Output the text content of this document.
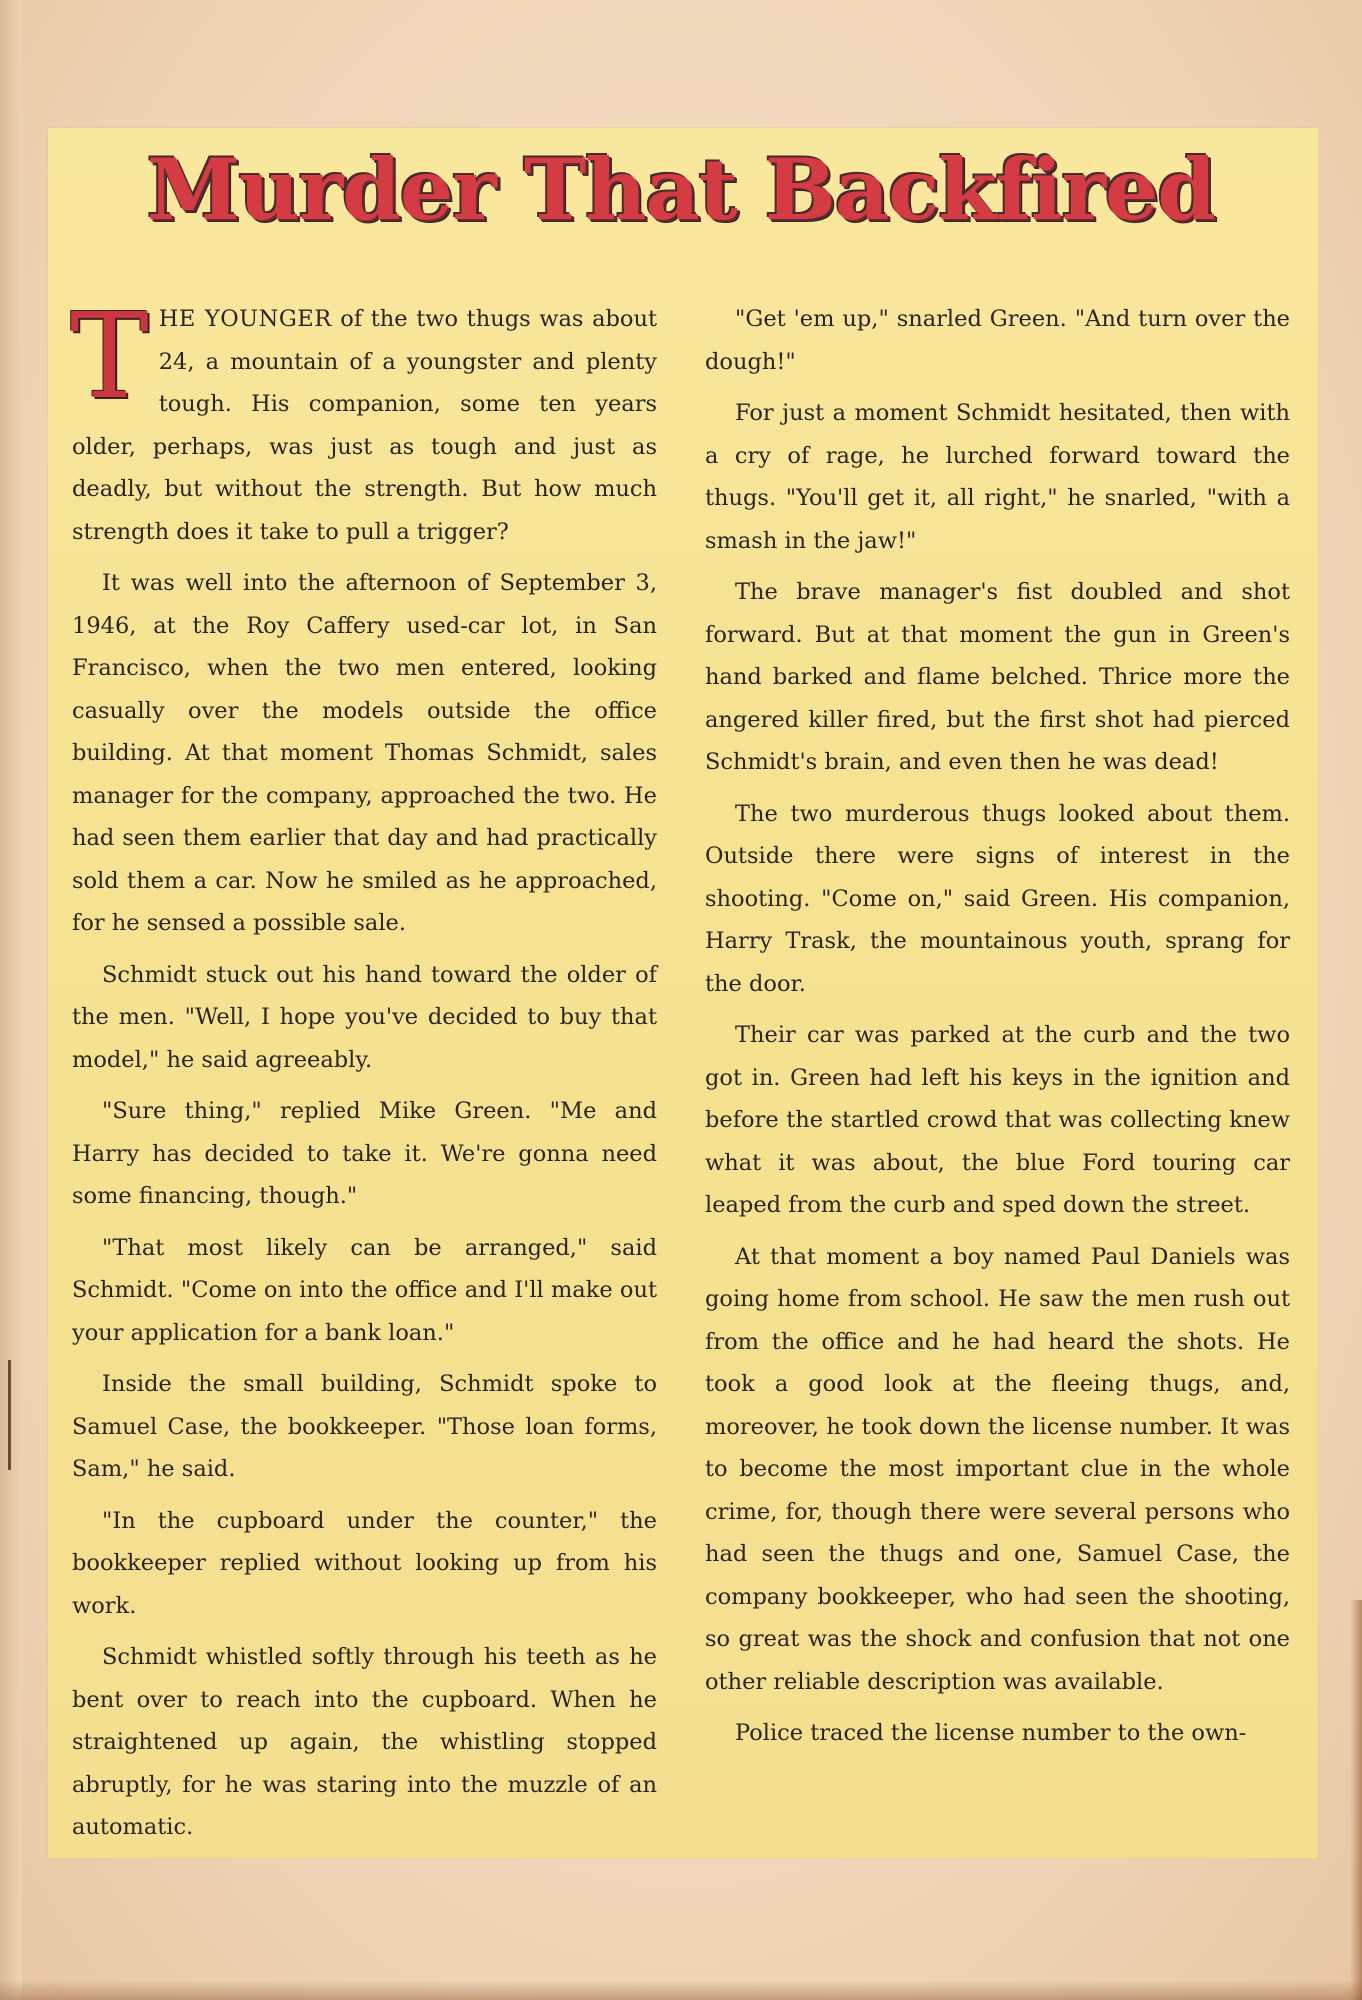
Murder That Backfired

THE YOUNGER of the two thugs was about 24, a mountain of a youngster and plenty tough. His companion, some ten years older, perhaps, was just as tough and just as deadly, but without the strength. But how much strength does it take to pull a trigger?

It was well into the afternoon of September 3, 1946, at the Roy Caffery used-car lot, in San Francisco, when the two men entered, looking casually over the models outside the office building. At that moment Thomas Schmidt, sales manager for the company, approached the two. He had seen them earlier that day and had practically sold them a car. Now he smiled as he approached, for he sensed a possible sale.

Schmidt stuck out his hand toward the older of the men. "Well, I hope you've decided to buy that model," he said agreeably.

"Sure thing," replied Mike Green. "Me and Harry has decided to take it. We're gonna need some financing, though."

"That most likely can be arranged," said Schmidt. "Come on into the office and I'll make out your application for a bank loan."

Inside the small building, Schmidt spoke to Samuel Case, the bookkeeper. "Those loan forms, Sam," he said.

"In the cupboard under the counter," the bookkeeper replied without looking up from his work.

Schmidt whistled softly through his teeth as he bent over to reach into the cupboard. When he straightened up again, the whistling stopped abruptly, for he was staring into the muzzle of an automatic.

"Get 'em up," snarled Green. "And turn over the dough!"

For just a moment Schmidt hesitated, then with a cry of rage, he lurched forward toward the thugs. "You'll get it, all right," he snarled, "with a smash in the jaw!"

The brave manager's fist doubled and shot forward. But at that moment the gun in Green's hand barked and flame belched. Thrice more the angered killer fired, but the first shot had pierced Schmidt's brain, and even then he was dead!

The two murderous thugs looked about them. Outside there were signs of interest in the shooting. "Come on," said Green. His companion, Harry Trask, the mountainous youth, sprang for the door.

Their car was parked at the curb and the two got in. Green had left his keys in the ignition and before the startled crowd that was collecting knew what it was about, the blue Ford touring car leaped from the curb and sped down the street.

At that moment a boy named Paul Daniels was going home from school. He saw the men rush out from the office and he had heard the shots. He took a good look at the fleeing thugs, and, moreover, he took down the license number. It was to become the most important clue in the whole crime, for, though there were several persons who had seen the thugs and one, Samuel Case, the company bookkeeper, who had seen the shooting, so great was the shock and confusion that not one other reliable description was available.

Police traced the license number to the own-
